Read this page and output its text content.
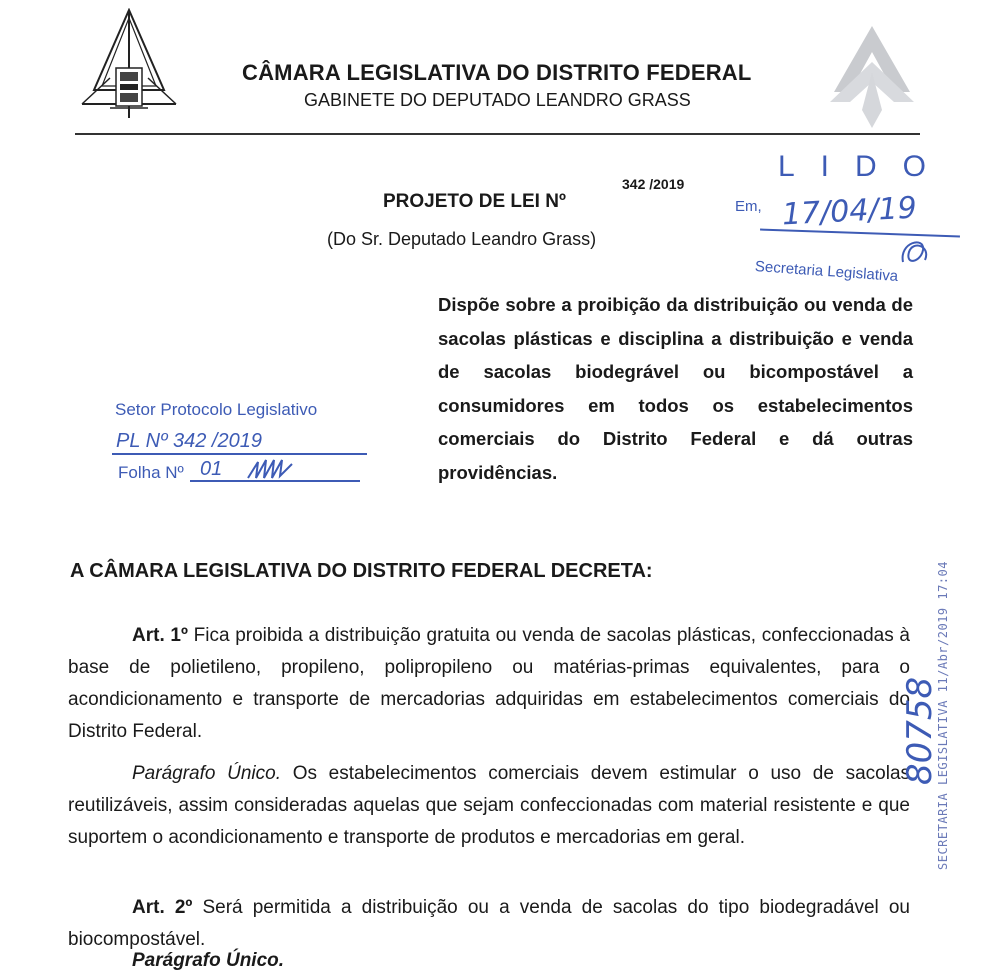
CÂMARA LEGISLATIVA DO DISTRITO FEDERAL
GABINETE DO DEPUTADO LEANDRO GRASS
PROJETO DE LEI Nº
342 /2019
(Do Sr. Deputado Leandro Grass)
LIDO
Em, 17/04/19
Secretaria Legislativa
Dispõe sobre a proibição da distribuição ou venda de sacolas plásticas e disciplina a distribuição e venda de sacolas biodegrável ou bicompostável a consumidores em todos os estabelecimentos comerciais do Distrito Federal e dá outras providências.
Setor Protocolo Legislativo
PL Nº 342 /2019
Folha Nº 01
A CÂMARA LEGISLATIVA DO DISTRITO FEDERAL DECRETA:
Art. 1º Fica proibida a distribuição gratuita ou venda de sacolas plásticas, confeccionadas à base de polietileno, propileno, polipropileno ou matérias-primas equivalentes, para o acondicionamento e transporte de mercadorias adquiridas em estabelecimentos comerciais do Distrito Federal.
Parágrafo Único. Os estabelecimentos comerciais devem estimular o uso de sacolas reutilizáveis, assim consideradas aquelas que sejam confeccionadas com material resistente e que suportem o acondicionamento e transporte de produtos e mercadorias em geral.
Art. 2º Será permitida a distribuição ou a venda de sacolas do tipo biodegradável ou biocompostável.
Parágrafo Único.
SECRETARIA LEGISLATIVA 11/Abr/2019 17:04
80758
